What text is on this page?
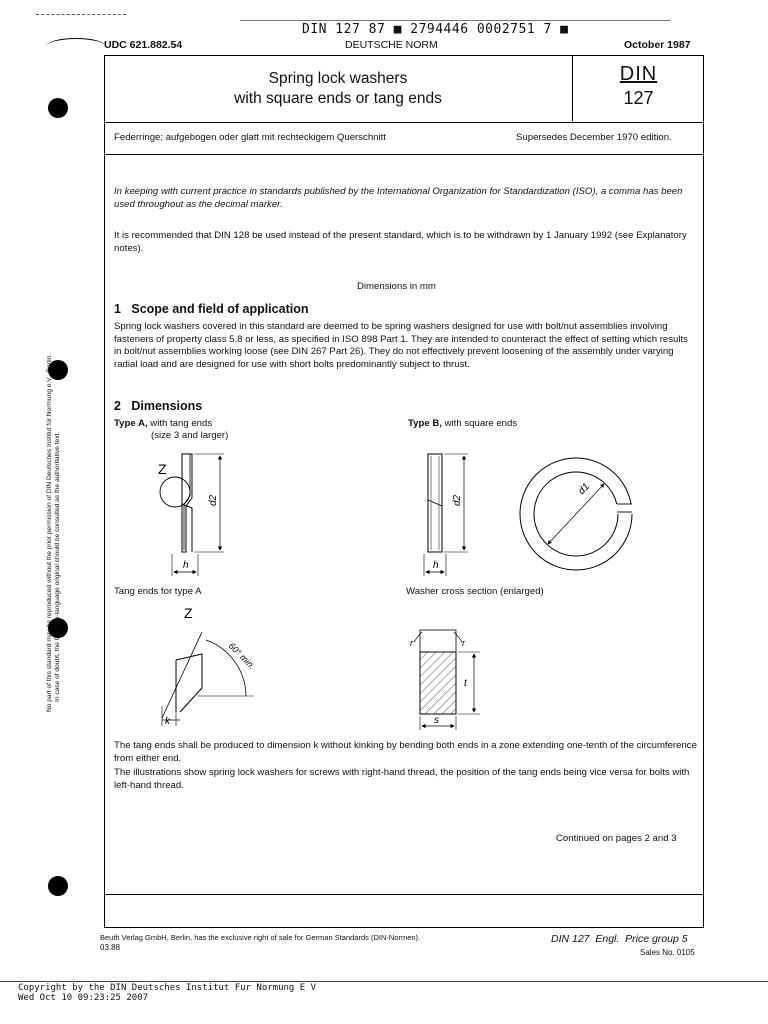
DIN 127 87 ■ 2794446 0002751 7 ■
UDC 621.882.54	DEUTSCHE NORM	October 1987
Spring lock washers
with square ends or tang ends
DIN
127
Federringe; aufgebogen oder glatt mit rechteckigem Querschnitt	Supersedes December 1970 edition.
In keeping with current practice in standards published by the International Organization for Standardization (ISO), a comma has been used throughout as the decimal marker.
It is recommended that DIN 128 be used instead of the present standard, which is to be withdrawn by 1 January 1992 (see Explanatory notes).
Dimensions in mm
1   Scope and field of application
Spring lock washers covered in this standard are deemed to be spring washers designed for use with bolt/nut assemblies involving fasteners of property class 5.8 or less, as specified in ISO 898 Part 1. They are intended to counteract the effect of setting which results in bolt/nut assemblies working loose (see DIN 267 Part 26). They do not effectively prevent loosening of the assembly under varying radial load and are designed for use with short bolts predominantly subject to thrust.
2   Dimensions
Type A, with tang ends
(size 3 and larger)
Type B, with square ends
Z
d2
h
d2
h
d1
Tang ends for type A	Washer cross section (enlarged)
Z
60° min.
k
r	r
t
s
The tang ends shall be produced to dimension k without kinking by bending both ends in a zone extending one-tenth of the circumference from either end.
The illustrations show spring lock washers for screws with right-hand thread, the position of the tang ends being vice versa for bolts with left-hand thread.
Continued on pages 2 and 3
Beuth Verlag GmbH, Berlin, has the exclusive right of sale for German Standards (DIN-Normen).
03.88
DIN 127  Engl.  Price group 5
Sales No. 0105
No part of this standard may be reproduced without the prior permission of DIN Deutsches Institut für Normung e.V., Berlin. In case of doubt, the German-language original should be consulted as the authoritative text.
Copyright by the DIN Deutsches Institut Fur Normung E V
Wed Oct 10 09:23:25 2007
